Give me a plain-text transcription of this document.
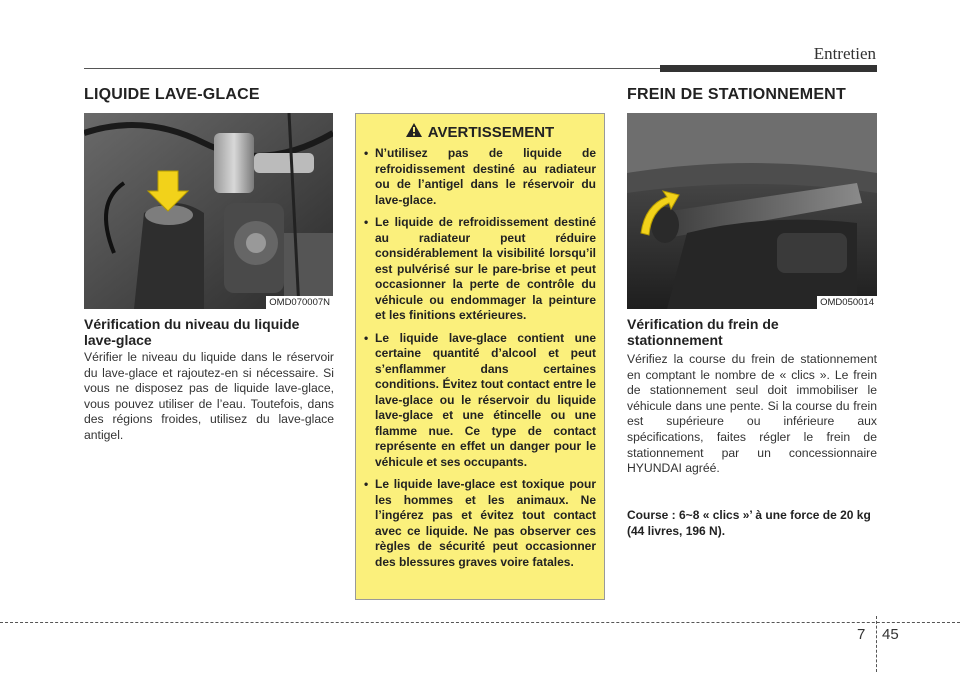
Entretien
LIQUIDE LAVE-GLACE
OMD070007N
Vérification du niveau du liquide lave-glace
Vérifier le niveau du liquide dans le réservoir du lave-glace et rajoutez-en si nécessaire. Si vous ne disposez pas de liquide lave-glace, vous pouvez utiliser de l’eau. Toutefois, dans des régions froides, utilisez du lave-glace antigel.
AVERTISSEMENT
• N’utilisez pas de liquide de refroidissement destiné au radiateur ou de l’antigel dans le réservoir du lave-glace.
• Le liquide de refroidissement destiné au radiateur peut réduire considérablement la visibilité lorsqu’il est pulvérisé sur le pare-brise et peut occasionner la perte de contrôle du véhicule ou endommager la peinture et les finitions extérieures.
• Le liquide lave-glace contient une certaine quantité d’alcool et peut s’enflammer dans certaines conditions. Évitez tout contact entre le lave-glace ou le réservoir du liquide lave-glace et une étincelle ou une flamme nue. Ce type de contact représente en effet un danger pour le véhicule et ses occupants.
• Le liquide lave-glace est toxique pour les hommes et les animaux. Ne l’ingérez pas et évitez tout contact avec ce liquide. Ne pas observer ces règles de sécurité peut occasionner des blessures graves voire fatales.
FREIN DE STATIONNEMENT
OMD050014
Vérification du frein de stationnement
Vérifiez la course du frein de stationnement en comptant le nombre de « clics ». Le frein de stationnement seul doit immobiliser le véhicule dans une pente. Si la course du frein est supérieure ou inférieure aux spécifications, faites régler le frein de stationnement par un concessionnaire HYUNDAI agréé.
Course : 6~8 « clics »’ à une force de 20 kg (44 livres, 196 N).
7 45
